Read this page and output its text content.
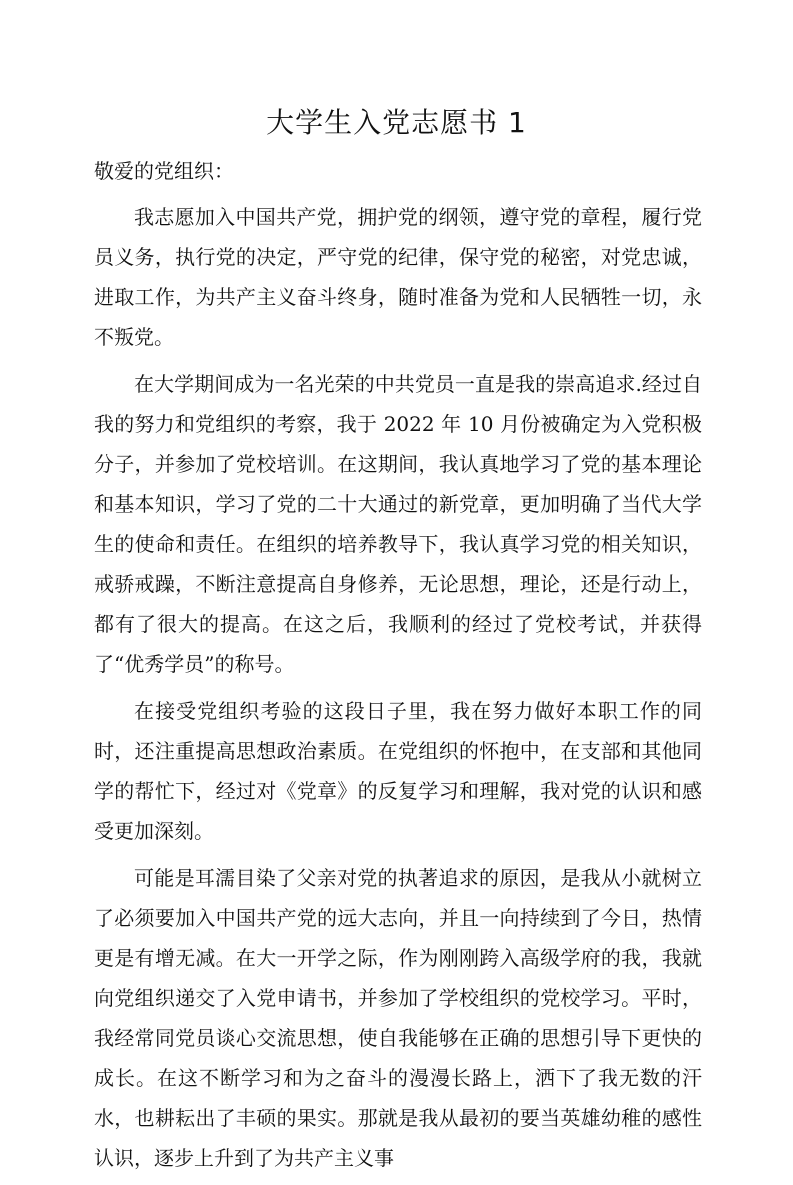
大学生入党志愿书 1
敬爱的党组织：

我志愿加入中国共产党，拥护党的纲领，遵守党的章程，履行党员义务，执行党的决定，严守党的纪律，保守党的秘密，对党忠诚，进取工作，为共产主义奋斗终身，随时准备为党和人民牺牲一切，永不叛党。

在大学期间成为一名光荣的中共党员一直是我的崇高追求.经过自我的努力和党组织的考察，我于 2022 年 10 月份被确定为入党积极分子，并参加了党校培训。在这期间，我认真地学习了党的基本理论和基本知识，学习了党的二十大通过的新党章，更加明确了当代大学生的使命和责任。在组织的培养教导下，我认真学习党的相关知识，戒骄戒躁，不断注意提高自身修养，无论思想，理论，还是行动上，都有了很大的提高。在这之后，我顺利的经过了党校考试，并获得了“优秀学员”的称号。

在接受党组织考验的这段日子里，我在努力做好本职工作的同时，还注重提高思想政治素质。在党组织的怀抱中，在支部和其他同学的帮忙下，经过对《党章》的反复学习和理解，我对党的认识和感受更加深刻。

可能是耳濡目染了父亲对党的执著追求的原因，是我从小就树立了必须要加入中国共产党的远大志向，并且一向持续到了今日，热情更是有增无减。在大一开学之际，作为刚刚跨入高级学府的我，我就向党组织递交了入党申请书，并参加了学校组织的党校学习。平时，我经常同党员谈心交流思想，使自我能够在正确的思想引导下更快的成长。在这不断学习和为之奋斗的漫漫长路上，洒下了我无数的汗水，也耕耘出了丰硕的果实。那就是我从最初的要当英雄幼稚的感性认识，逐步上升到了为共产主义事
